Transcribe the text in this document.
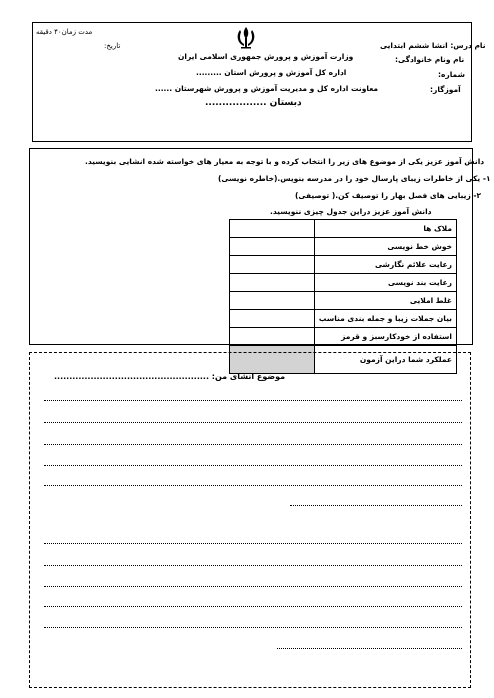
مدت زمان۴۰ دقیقه
تاریخ:
وزارت آموزش و پرورش جمهوری اسلامی ایران
اداره کل آموزش و پرورش استان .........
معاونت اداره کل و مدیریت آموزش و پرورش شهرستان ......
دبستان ..................
نام درس: انشا ششم ابتدایی
نام ونام خانوادگی:
شماره:
آموزگار:
دانش آموز عزیز یکی از موضوع های زیر را انتخاب کرده و با توجه به معیار های خواسته شده انشایی بنویسید.
۱- یکی از خاطرات زیبای پارسال خود را در مدرسه بنویس.(خاطره نویسی)
۲- زیبایی های فصل بهار را توصیف کن.( توصیفی)
دانش آموز عزیز دراین جدول چیزی ننویسید.
ملاک ها	
خوش خط نویسی	
رعایت علائم نگارشی	
رعایت بند نویسی	
غلط املایی	
بیان جملات زیبا و جمله بندی مناسب	
استفاده از خودکارسبز و قرمز	
عملکرد شما دراین آزمون	
موضوع انشای من: ...................................................
